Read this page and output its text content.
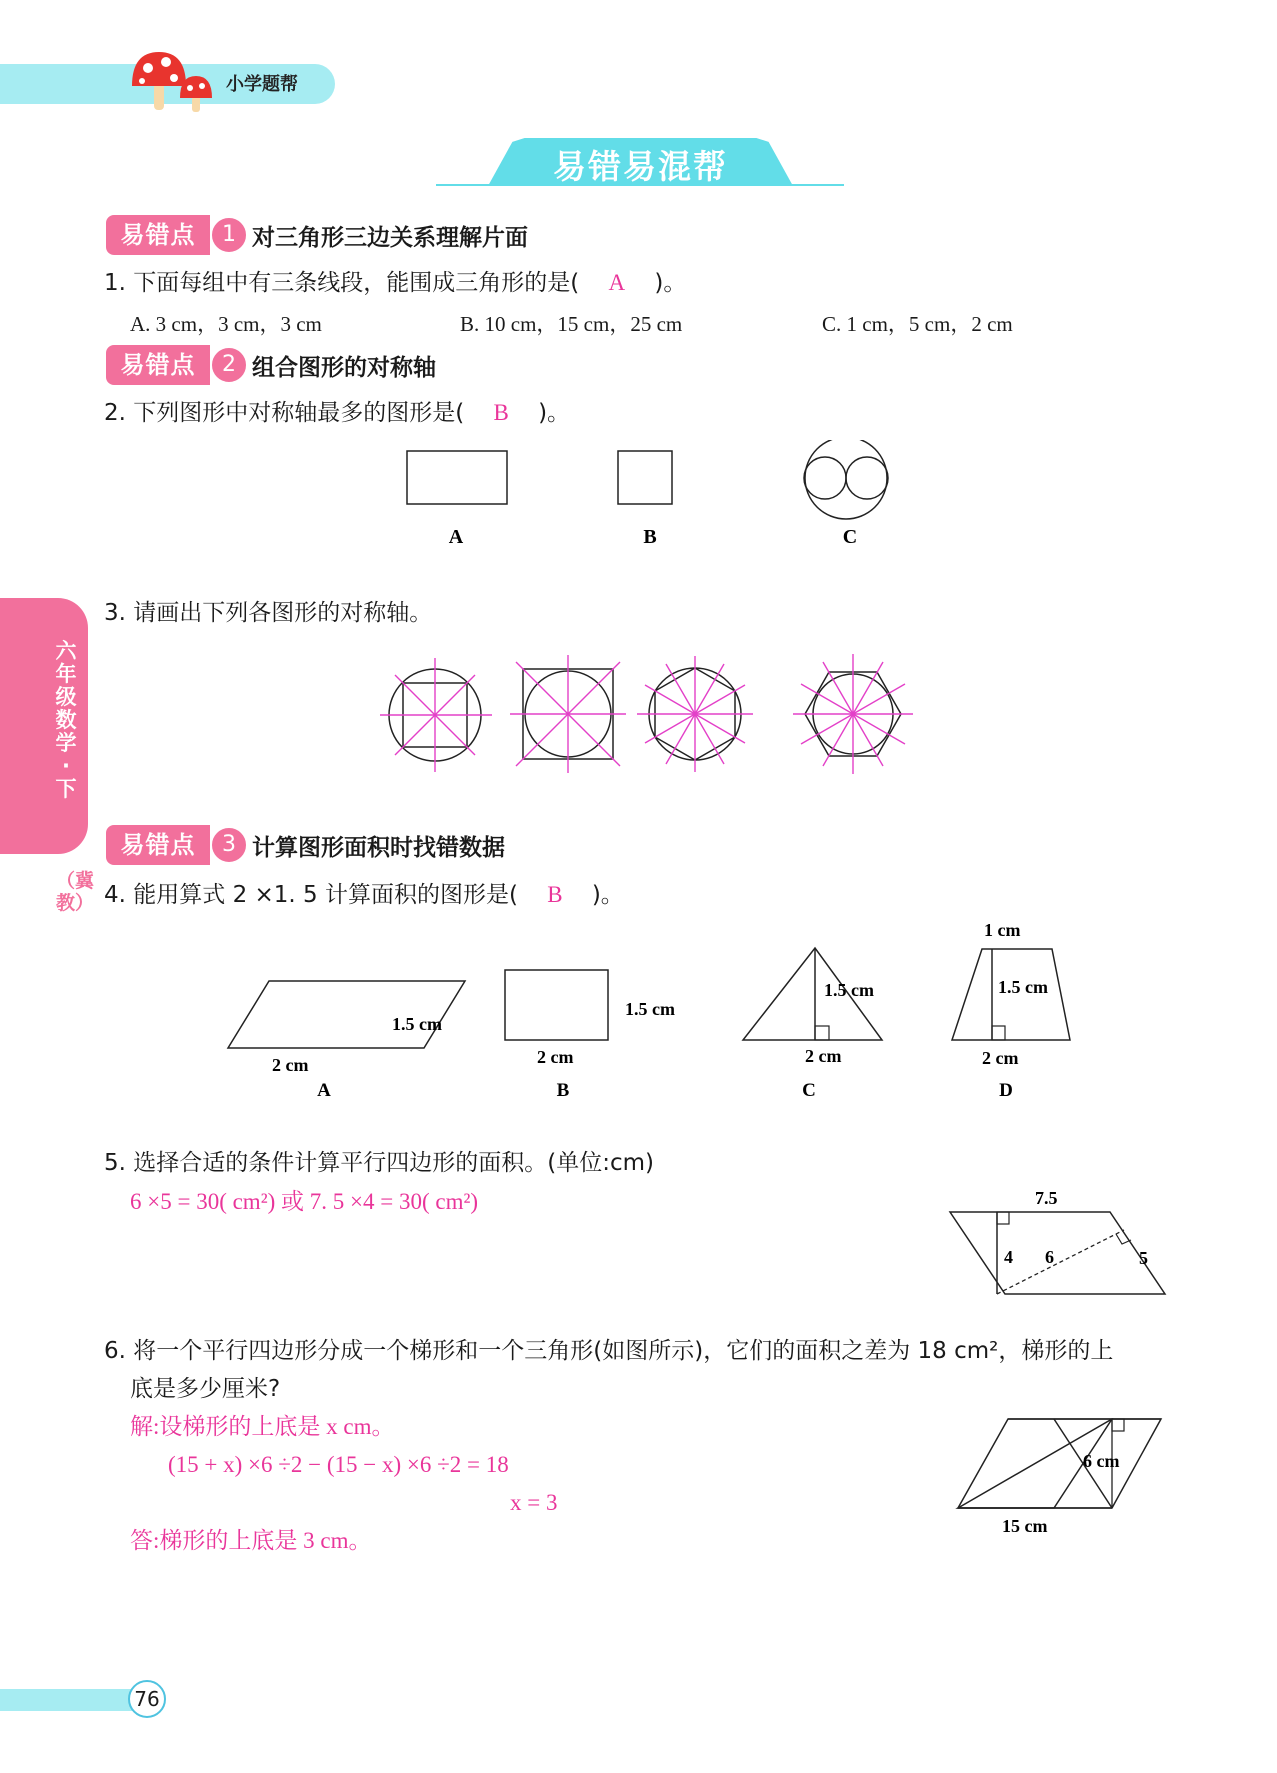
小学题帮
易错易混帮
六年级数学·下
（冀教）
易错点	1 对三角形三边关系理解片面
1. 下面每组中有三条线段，能围成三角形的是( A )。
A. 3 cm，3 cm，3 cm	B. 10 cm，15 cm，25 cm	C. 1 cm，5 cm，2 cm
易错点	2 组合图形的对称轴
2. 下列图形中对称轴最多的图形是( B )。
A	B	C
3. 请画出下列各图形的对称轴。
易错点	3 计算图形面积时找错数据
4. 能用算式 2 ×1. 5 计算面积的图形是( B )。
1.5 cm
2 cm
A
1.5 cm
2 cm
B
1.5 cm
2 cm
C
1 cm
1.5 cm
2 cm
D
5. 选择合适的条件计算平行四边形的面积。(单位:cm)
6 ×5 = 30( cm²) 或 7. 5 ×4 = 30( cm²)	7.5
4 6	5
6. 将一个平行四边形分成一个梯形和一个三角形(如图所示)，它们的面积之差为 18 cm²，梯形的上
底是多少厘米?
解:设梯形的上底是 x cm。
(15 + x) ×6 ÷2 − (15 − x) ×6 ÷2 = 18
x = 3
答:梯形的上底是 3 cm。
6 cm
15 cm
76
